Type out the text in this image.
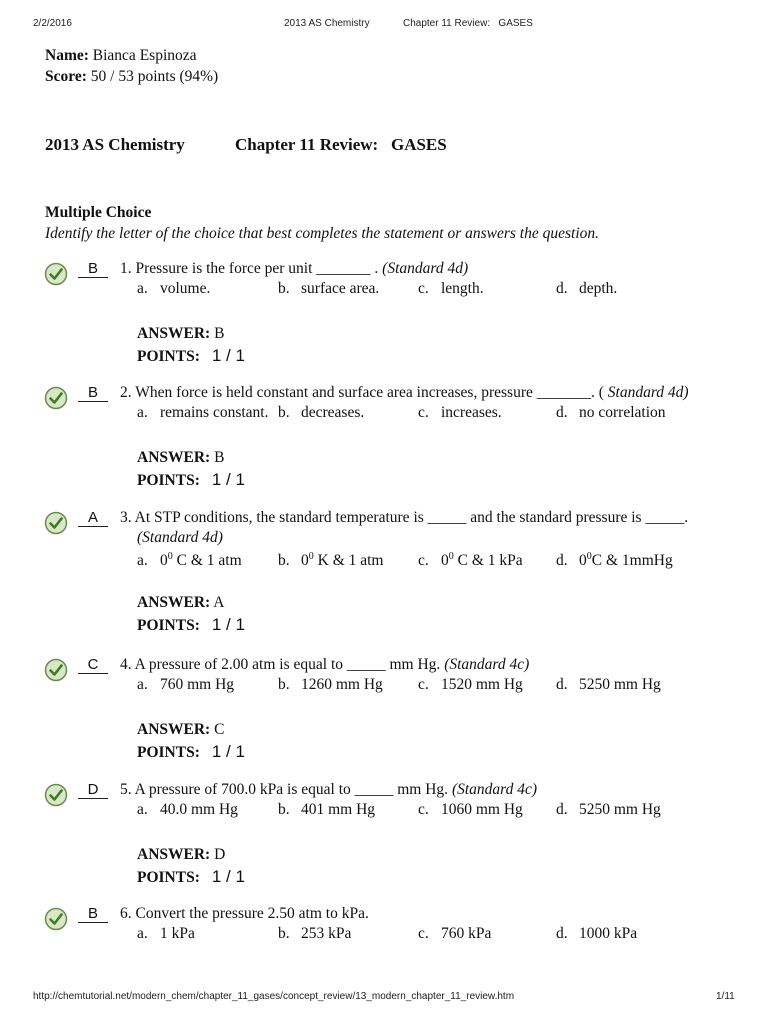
2/2/2016	2013 AS Chemistry	Chapter 11 Review:   GASES
Name: Bianca Espinoza
Score: 50 / 53 points (94%)
2013 AS Chemistry	Chapter 11 Review:   GASES
Multiple Choice
Identify the letter of the choice that best completes the statement or answers the question.
B	1. Pressure is the force per unit _______ . (Standard 4d)
a. volume.	b. surface area. c. length.	d. depth.
ANSWER: B
POINTS: 1 / 1
B	2. When force is held constant and surface area increases, pressure _______. ( Standard 4d)
a. remains constant. b. decreases.	c. increases.	d. no correlation
ANSWER: B
POINTS: 1 / 1
A	3. At STP conditions, the standard temperature is _____ and the standard pressure is _____.
(Standard 4d)
a. $0^0$ C & 1 atm b. $0^0$ K & 1 atm c. $0^0$ C & 1 kPa d. $0^0C$ & 1mmHg
ANSWER: A
POINTS: 1 / 1
C	4. A pressure of 2.00 atm is equal to _____ mm Hg. (Standard 4c)
a. 760 mm Hg	b. 1260 mm Hg c. 1520 mm Hg d. 5250 mm Hg
ANSWER: C
POINTS: 1 / 1
D	5. A pressure of 700.0 kPa is equal to _____ mm Hg. (Standard 4c)
a. 40.0 mm Hg	b. 401 mm Hg	c. 1060 mm Hg d. 5250 mm Hg
ANSWER: D
POINTS: 1 / 1
B	6. Convert the pressure 2.50 atm to kPa.
a. 1 kPa	b. 253 kPa	c. 760 kPa	d. 1000 kPa
http://chemtutorial.net/modern_chem/chapter_11_gases/concept_review/13_modern_chapter_11_review.htm	1/11
